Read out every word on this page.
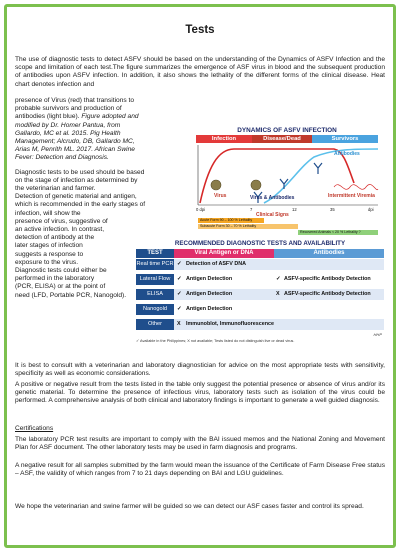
Tests
The use of diagnostic tests to detect ASFV should be based on the understanding of the Dynamics of ASFV Infection and the scope and limitation of each test.The figure summarizes the emergence of ASF virus in blood and the subsequent production of antibodies upon ASFV infection. In addition, it also shows the lethality of the different forms of the clinical disease. Heat chart denotes infection and
presence of Virus (red) that transitions to
probable survivors and production of
antibodies (light blue). Figure adopted and
modified by Dr. Homer Pantua, from
Gallardo, MC et al. 2015. Pig Health
Management; Alcrudo, DB, Gallardo MC,
Arias M, Penrith ML. 2017. African Swine
Fever: Detection and Diagnosis.
Diagnostic tests to be used should be based
on the stage of infection as determined by
the veterinarian and farmer.
Detection of genetic material and antigen,
which is recommended in the early stages of
infection, will show the
presence of virus, suggestive of
an active infection. In contrast,
detection of antibody at the
later stages of infection
suggests a response to
exposure to the virus.
Diagnostic tests could either be
performed in the laboratory
(PCR, ELISA) or at the point of
need (LFD, Portable PCR, Nanogold).
DYNAMICS OF ASFV INFECTION
Infection	Disease/Dead	Survivors
Antibodies
Virus	Virus & Antibodies	Intermittent Viremia
0 dpi	7	12	35	dpi
Clinical Signs
Acute Form 90 – 100 % Lethality
Subacute Form 30 – 70 % Lethality
Recovered Animals < 20 % Lethality ?
RECOMMENDED DIAGNOSTIC TESTS AND AVAILABILITY
TEST	Viral Antigen or DNA	Antibodies
Real time PCR ✓ Detection of ASFV DNA
Lateral Flow	✓ Antigen Detection	✓ ASFV-specific Antibody Detection
ELISA	✓ Antigen Detection	X ASFV-specific Antibody Detection
Nanogold	✓ Antigen Detection
Other	X Immunoblot, Immunofluorescence
✓ Available in the Philippines; X not available; Tests listed do not distinguish live or dead virus.
HHP
It is best to consult with a veterinarian and laboratory diagnostician for advice on the most appropriate tests with sensitivity, specificity as well as economic considerations.
A positive or negative result from the tests listed in the table only suggest the potential presence or absence of virus and/or its genetic material. To determine the presence of infectious virus, laboratory tests such as isolation of the virus could be performed. A comprehensive analysis of both clinical and laboratory findings is important to generate a well guided diagnosis.
Certifications
The laboratory PCR test results are important to comply with the BAI issued memos and the National Zoning and Movement Plan for ASF document. The other laboratory tests may be used in farm diagnosis and programs.
A negative result for all samples submitted by the farm would mean the issuance of the Certificate of Farm Disease Free status – ASF, the validity of which ranges from 7 to 21 days depending on BAI and LGU guidelines.
We hope the veterinarian and swine farmer will be guided so we can detect our ASF cases faster and control its spread.
